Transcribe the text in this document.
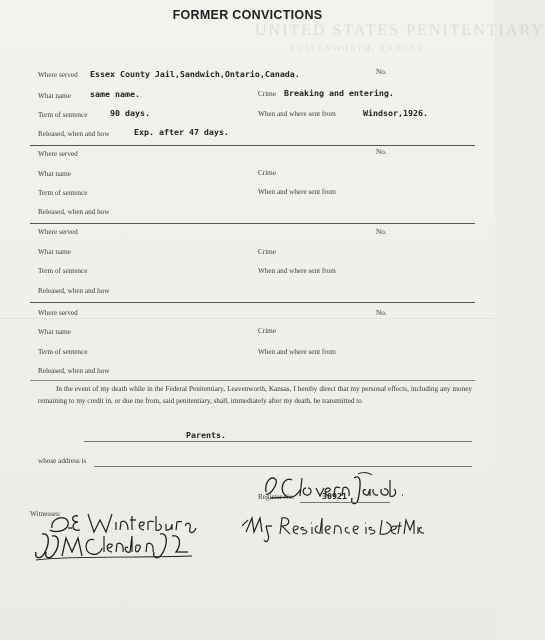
UNITED STATES PENITENTIARY
LEAVENWORTH, KANSAS
FORMER CONVICTIONS
Where served Essex County Jail,Sandwich,Ontario,Canada.	No.
What name same name.	Crime Breaking and entering.
Term of sentence	90 days.	When and where sent from	Windsor,1926.
Released, when and how	Exp. after 47 days.
Where served	No.
What name	Crime
Term of sentence	When and where sent from
Released, when and how
Where served	No.
What name	Crime
Term of sentence	When and where sent from
Released, when and how
Where served	No.
What name	Crime
Term of sentence	When and where sent from
Released, when and how
In the event of my death while in the Federal Penitentiary, Leavenworth, Kansas, I hereby direct that my personal effects, including any money remaining to my credit in, or due me from, said penitentiary, shall, immediately after my death, be transmitted to
Parents.
whose address is
Register No.	30921
Witnesses:
